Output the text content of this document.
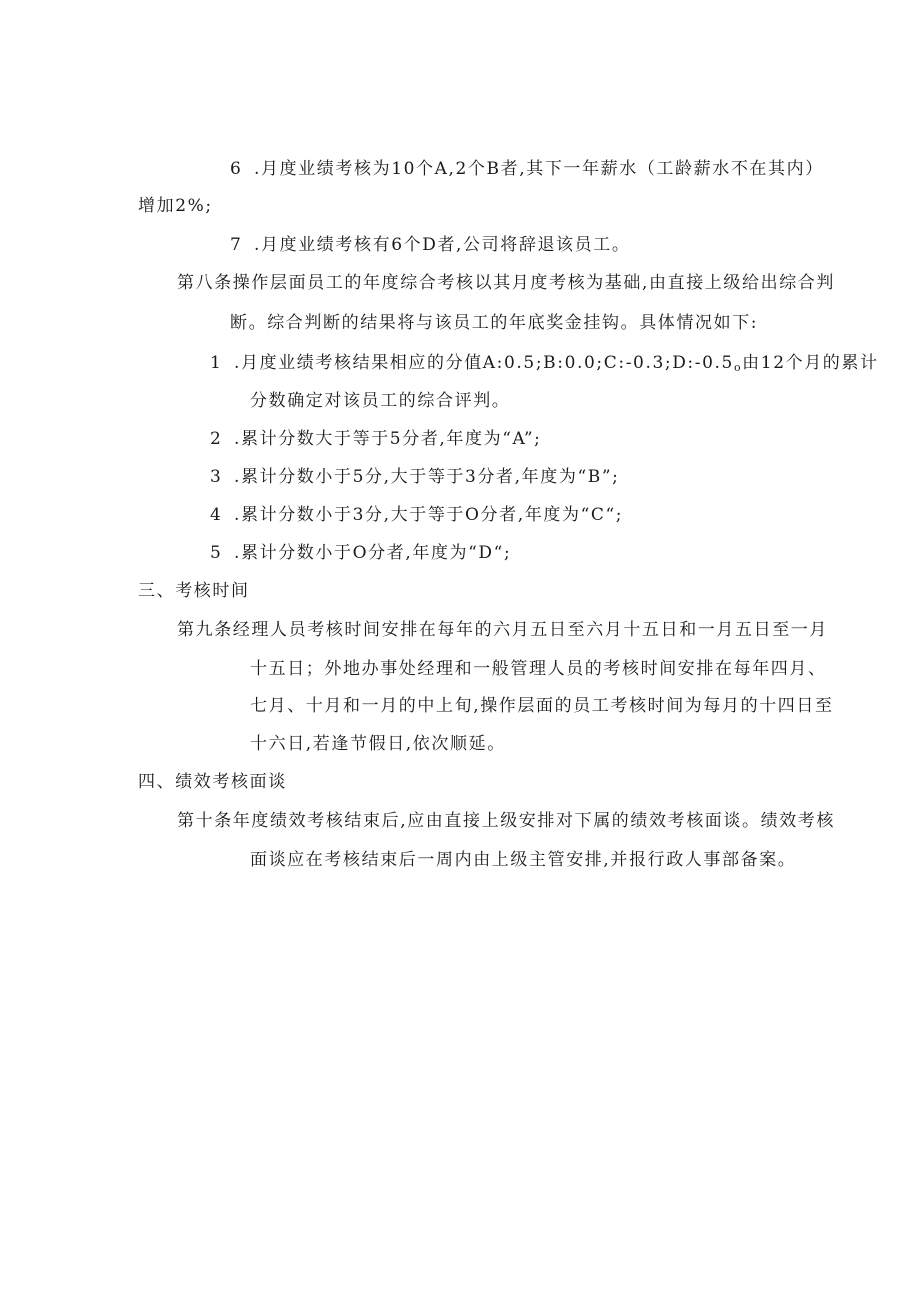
6 .月度业绩考核为10个A,2个B者,其下一年薪水（工龄薪水不在其内）
增加2%;
7 .月度业绩考核有6个D者,公司将辞退该员工。
第八条操作层面员工的年度综合考核以其月度考核为基础,由直接上级给出综合判
断。综合判断的结果将与该员工的年底奖金挂钩。具体情况如下:
1 .月度业绩考核结果相应的分值$A:0.5;B:0.0;C:-0.3;D:-0.5_o$由12个月的累计
分数确定对该员工的综合评判。
2 .累计分数大于等于5分者,年度为“A”;
3 .累计分数小于5分,大于等于3分者,年度为“B”;
4 .累计分数小于3分,大于等于O分者,年度为“C“;
5 .累计分数小于O分者,年度为“D“;
三、考核时间
第九条经理人员考核时间安排在每年的六月五日至六月十五日和一月五日至一月
十五日；外地办事处经理和一般管理人员的考核时间安排在每年四月、
七月、十月和一月的中上旬,操作层面的员工考核时间为每月的十四日至
十六日,若逢节假日,依次顺延。
四、绩效考核面谈
第十条年度绩效考核结束后,应由直接上级安排对下属的绩效考核面谈。绩效考核
面谈应在考核结束后一周内由上级主管安排,并报行政人事部备案。
